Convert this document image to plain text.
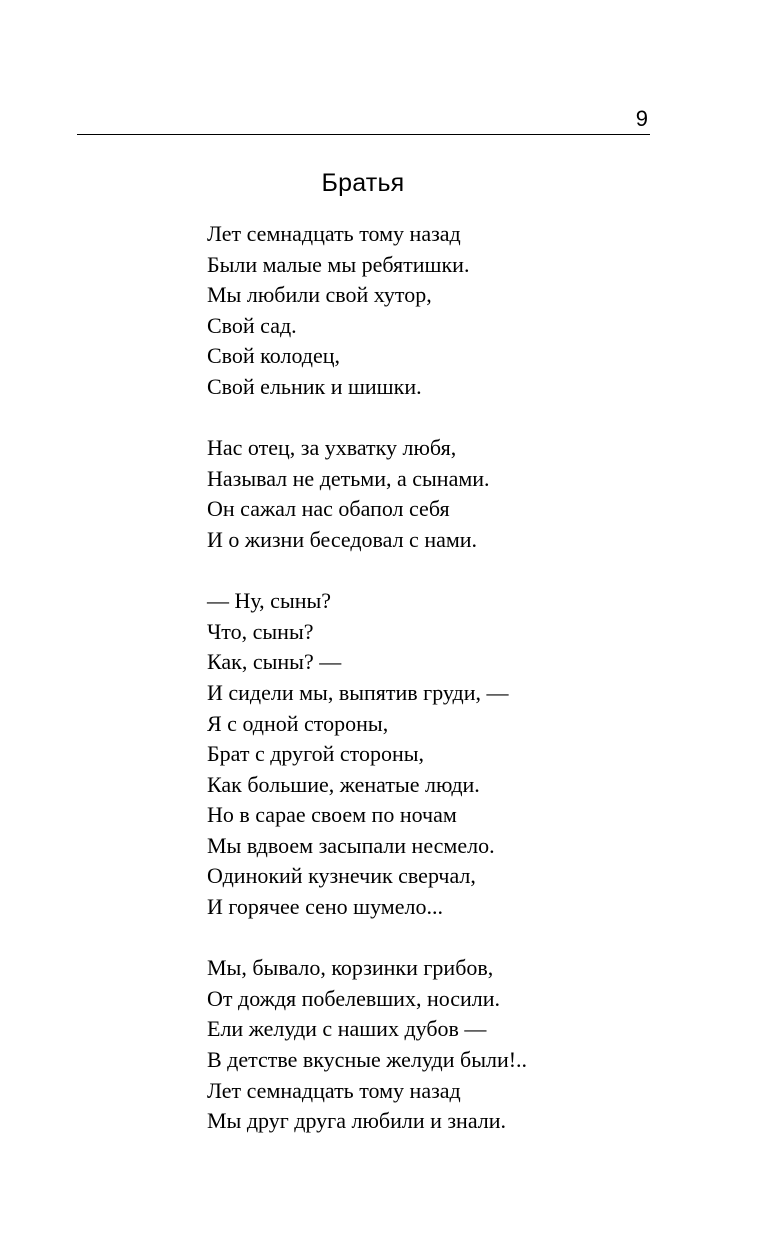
9
Братья
Лет семнадцать тому назад
Были малые мы ребятишки.
Мы любили свой хутор,
Свой сад.
Свой колодец,
Свой ельник и шишки.
Нас отец, за ухватку любя,
Называл не детьми, а сынами.
Он сажал нас обапол себя
И о жизни беседовал с нами.
— Ну, сыны?
Что, сыны?
Как, сыны? —
И сидели мы, выпятив груди, —
Я с одной стороны,
Брат с другой стороны,
Как большие, женатые люди.
Но в сарае своем по ночам
Мы вдвоем засыпали несмело.
Одинокий кузнечик сверчал,
И горячее сено шумело...
Мы, бывало, корзинки грибов,
От дождя побелевших, носили.
Ели желуди с наших дубов —
В детстве вкусные желуди были!..
Лет семнадцать тому назад
Мы друг друга любили и знали.
